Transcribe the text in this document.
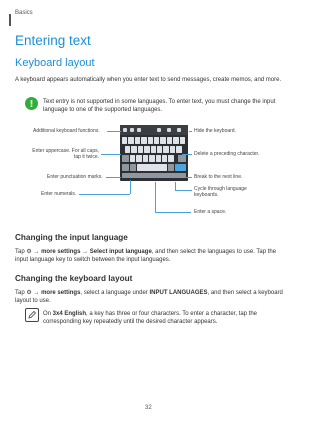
Basics
Entering text
Keyboard layout
A keyboard appears automatically when you enter text to send messages, create memos, and more.
Text entry is not supported in some languages. To enter text, you must change the input language to one of the supported languages.
Additional keyboard functions.
Enter uppercase. For all caps, tap it twice.
Enter punctuation marks.
Enter numerals.
Hide the keyboard.
Delete a preceding character.
Break to the next line.
Cycle through language keyboards.
Enter a space.
Changing the input language
Tap ⚙ → more settings → Select input language, and then select the languages to use. Tap the input language key to switch between the input languages.
Changing the keyboard layout
Tap ⚙ → more settings, select a language under INPUT LANGUAGES, and then select a keyboard layout to use.
On 3x4 English, a key has three or four characters. To enter a character, tap the corresponding key repeatedly until the desired character appears.
32
